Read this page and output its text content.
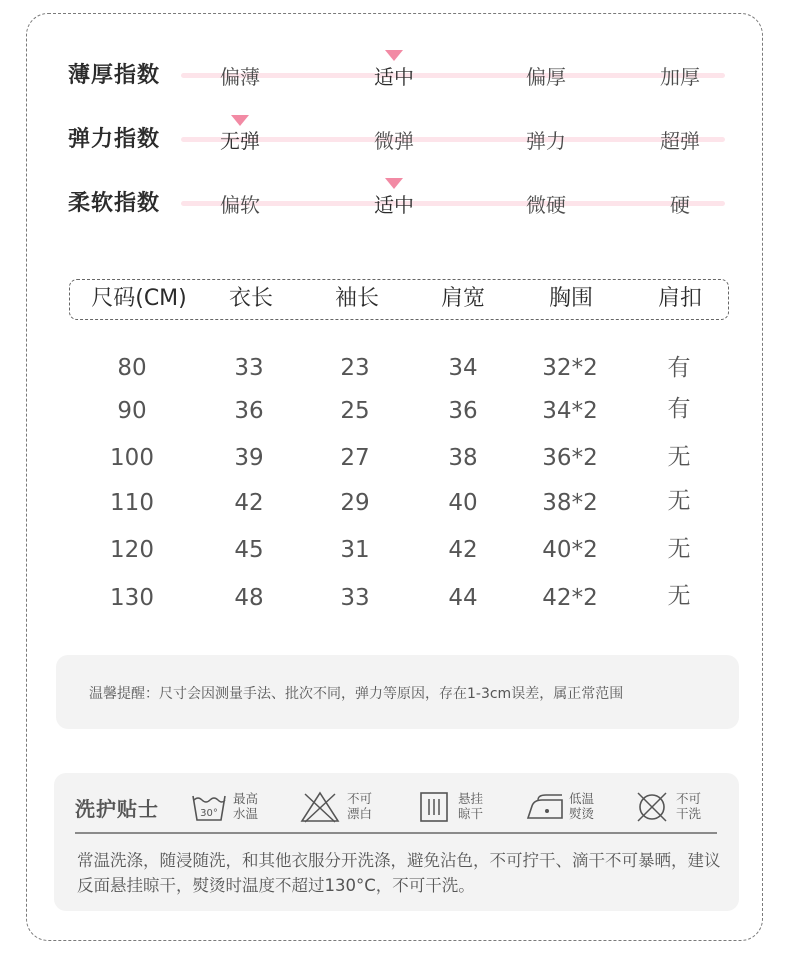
薄厚指数	偏薄	适中	偏厚	加厚
弹力指数	无弹	微弹	弹力	超弹
柔软指数	偏软	适中	微硬	硬
尺码(CM) 衣长	袖长	肩宽	胸围	肩扣
80	33	23	34	32*2	有
90	36	25	36	34*2	有
100	39	27	38	36*2	无
110	42	29	40	38*2	无
120	45	31	42	40*2	无
130	48	33	44	42*2	无
温馨提醒：尺寸会因测量手法、批次不同，弹力等原因，存在1-3cm误差，属正常范围
洗护贴士	30°
最高
水温
不可
漂白
悬挂
晾干
低温
熨烫
不可
干洗
常温洗涤，随浸随洗，和其他衣服分开洗涤，避免沾色，不可拧干、滴干不可暴晒，建议反面悬挂晾干，熨烫时温度不超过130°C，不可干洗。
